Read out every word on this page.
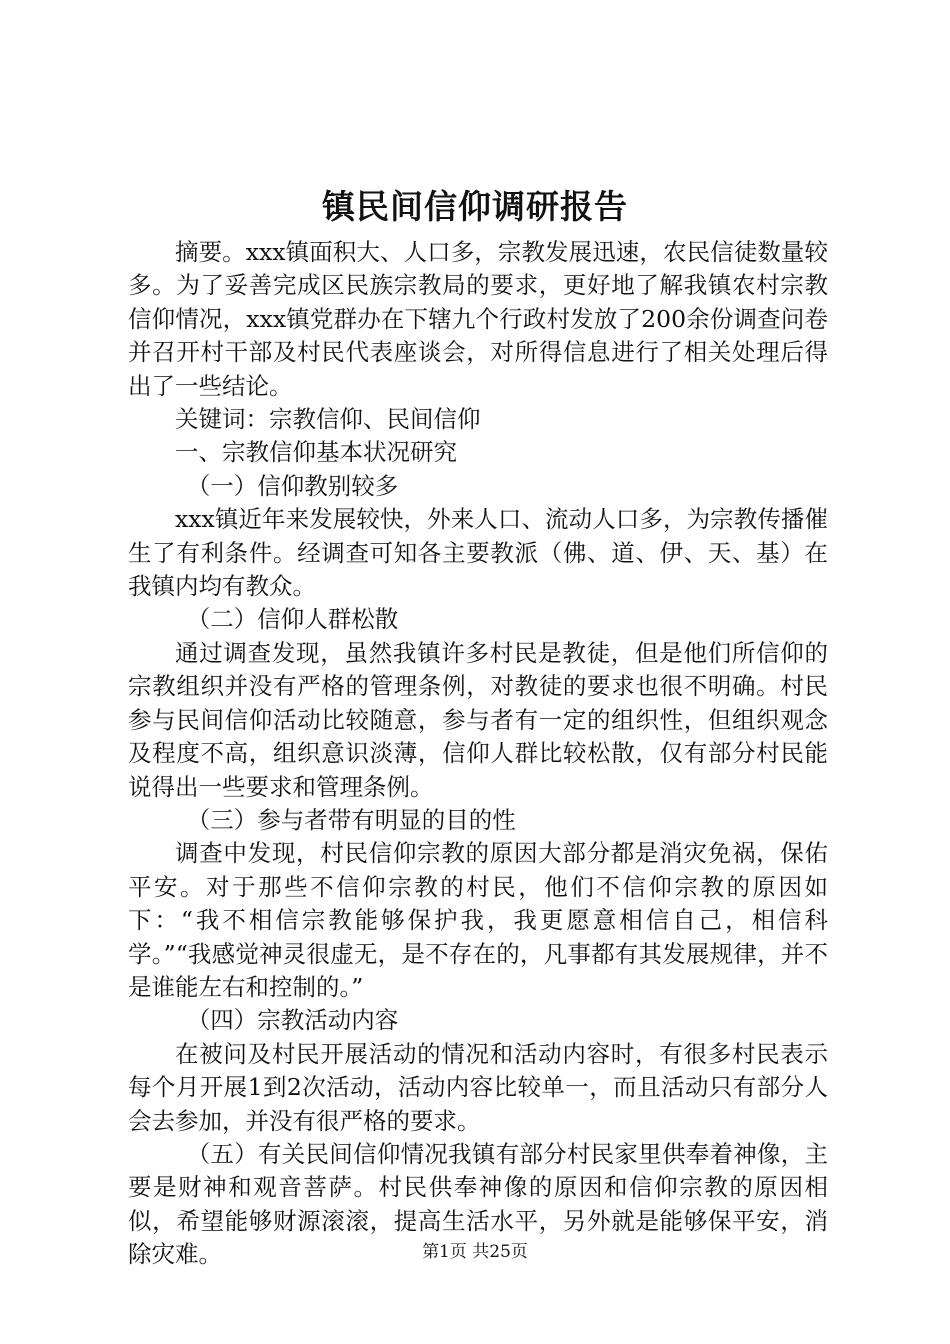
镇民间信仰调研报告

摘要。xxx镇面积大、人口多，宗教发展迅速，农民信徒数量较多。为了妥善完成区民族宗教局的要求，更好地了解我镇农村宗教信仰情况，xxx镇党群办在下辖九个行政村发放了200余份调查问卷并召开村干部及村民代表座谈会，对所得信息进行了相关处理后得出了一些结论。

关键词：宗教信仰、民间信仰

一、宗教信仰基本状况研究

（一）信仰教别较多

xxx镇近年来发展较快，外来人口、流动人口多，为宗教传播催生了有利条件。经调查可知各主要教派（佛、道、伊、天、基）在我镇内均有教众。

（二）信仰人群松散

通过调查发现，虽然我镇许多村民是教徒，但是他们所信仰的宗教组织并没有严格的管理条例，对教徒的要求也很不明确。村民参与民间信仰活动比较随意，参与者有一定的组织性，但组织观念及程度不高，组织意识淡薄，信仰人群比较松散，仅有部分村民能说得出一些要求和管理条例。

（三）参与者带有明显的目的性

调查中发现，村民信仰宗教的原因大部分都是消灾免祸，保佑平安。对于那些不信仰宗教的村民，他们不信仰宗教的原因如下：“我不相信宗教能够保护我，我更愿意相信自己，相信科学。”“我感觉神灵很虚无，是不存在的，凡事都有其发展规律，并不是谁能左右和控制的。”

（四）宗教活动内容

在被问及村民开展活动的情况和活动内容时，有很多村民表示每个月开展1到2次活动，活动内容比较单一，而且活动只有部分人会去参加，并没有很严格的要求。

（五）有关民间信仰情况我镇有部分村民家里供奉着神像，主要是财神和观音菩萨。村民供奉神像的原因和信仰宗教的原因相似，希望能够财源滚滚，提高生活水平，另外就是能够保平安，消除灾难。	第1页 共25页
